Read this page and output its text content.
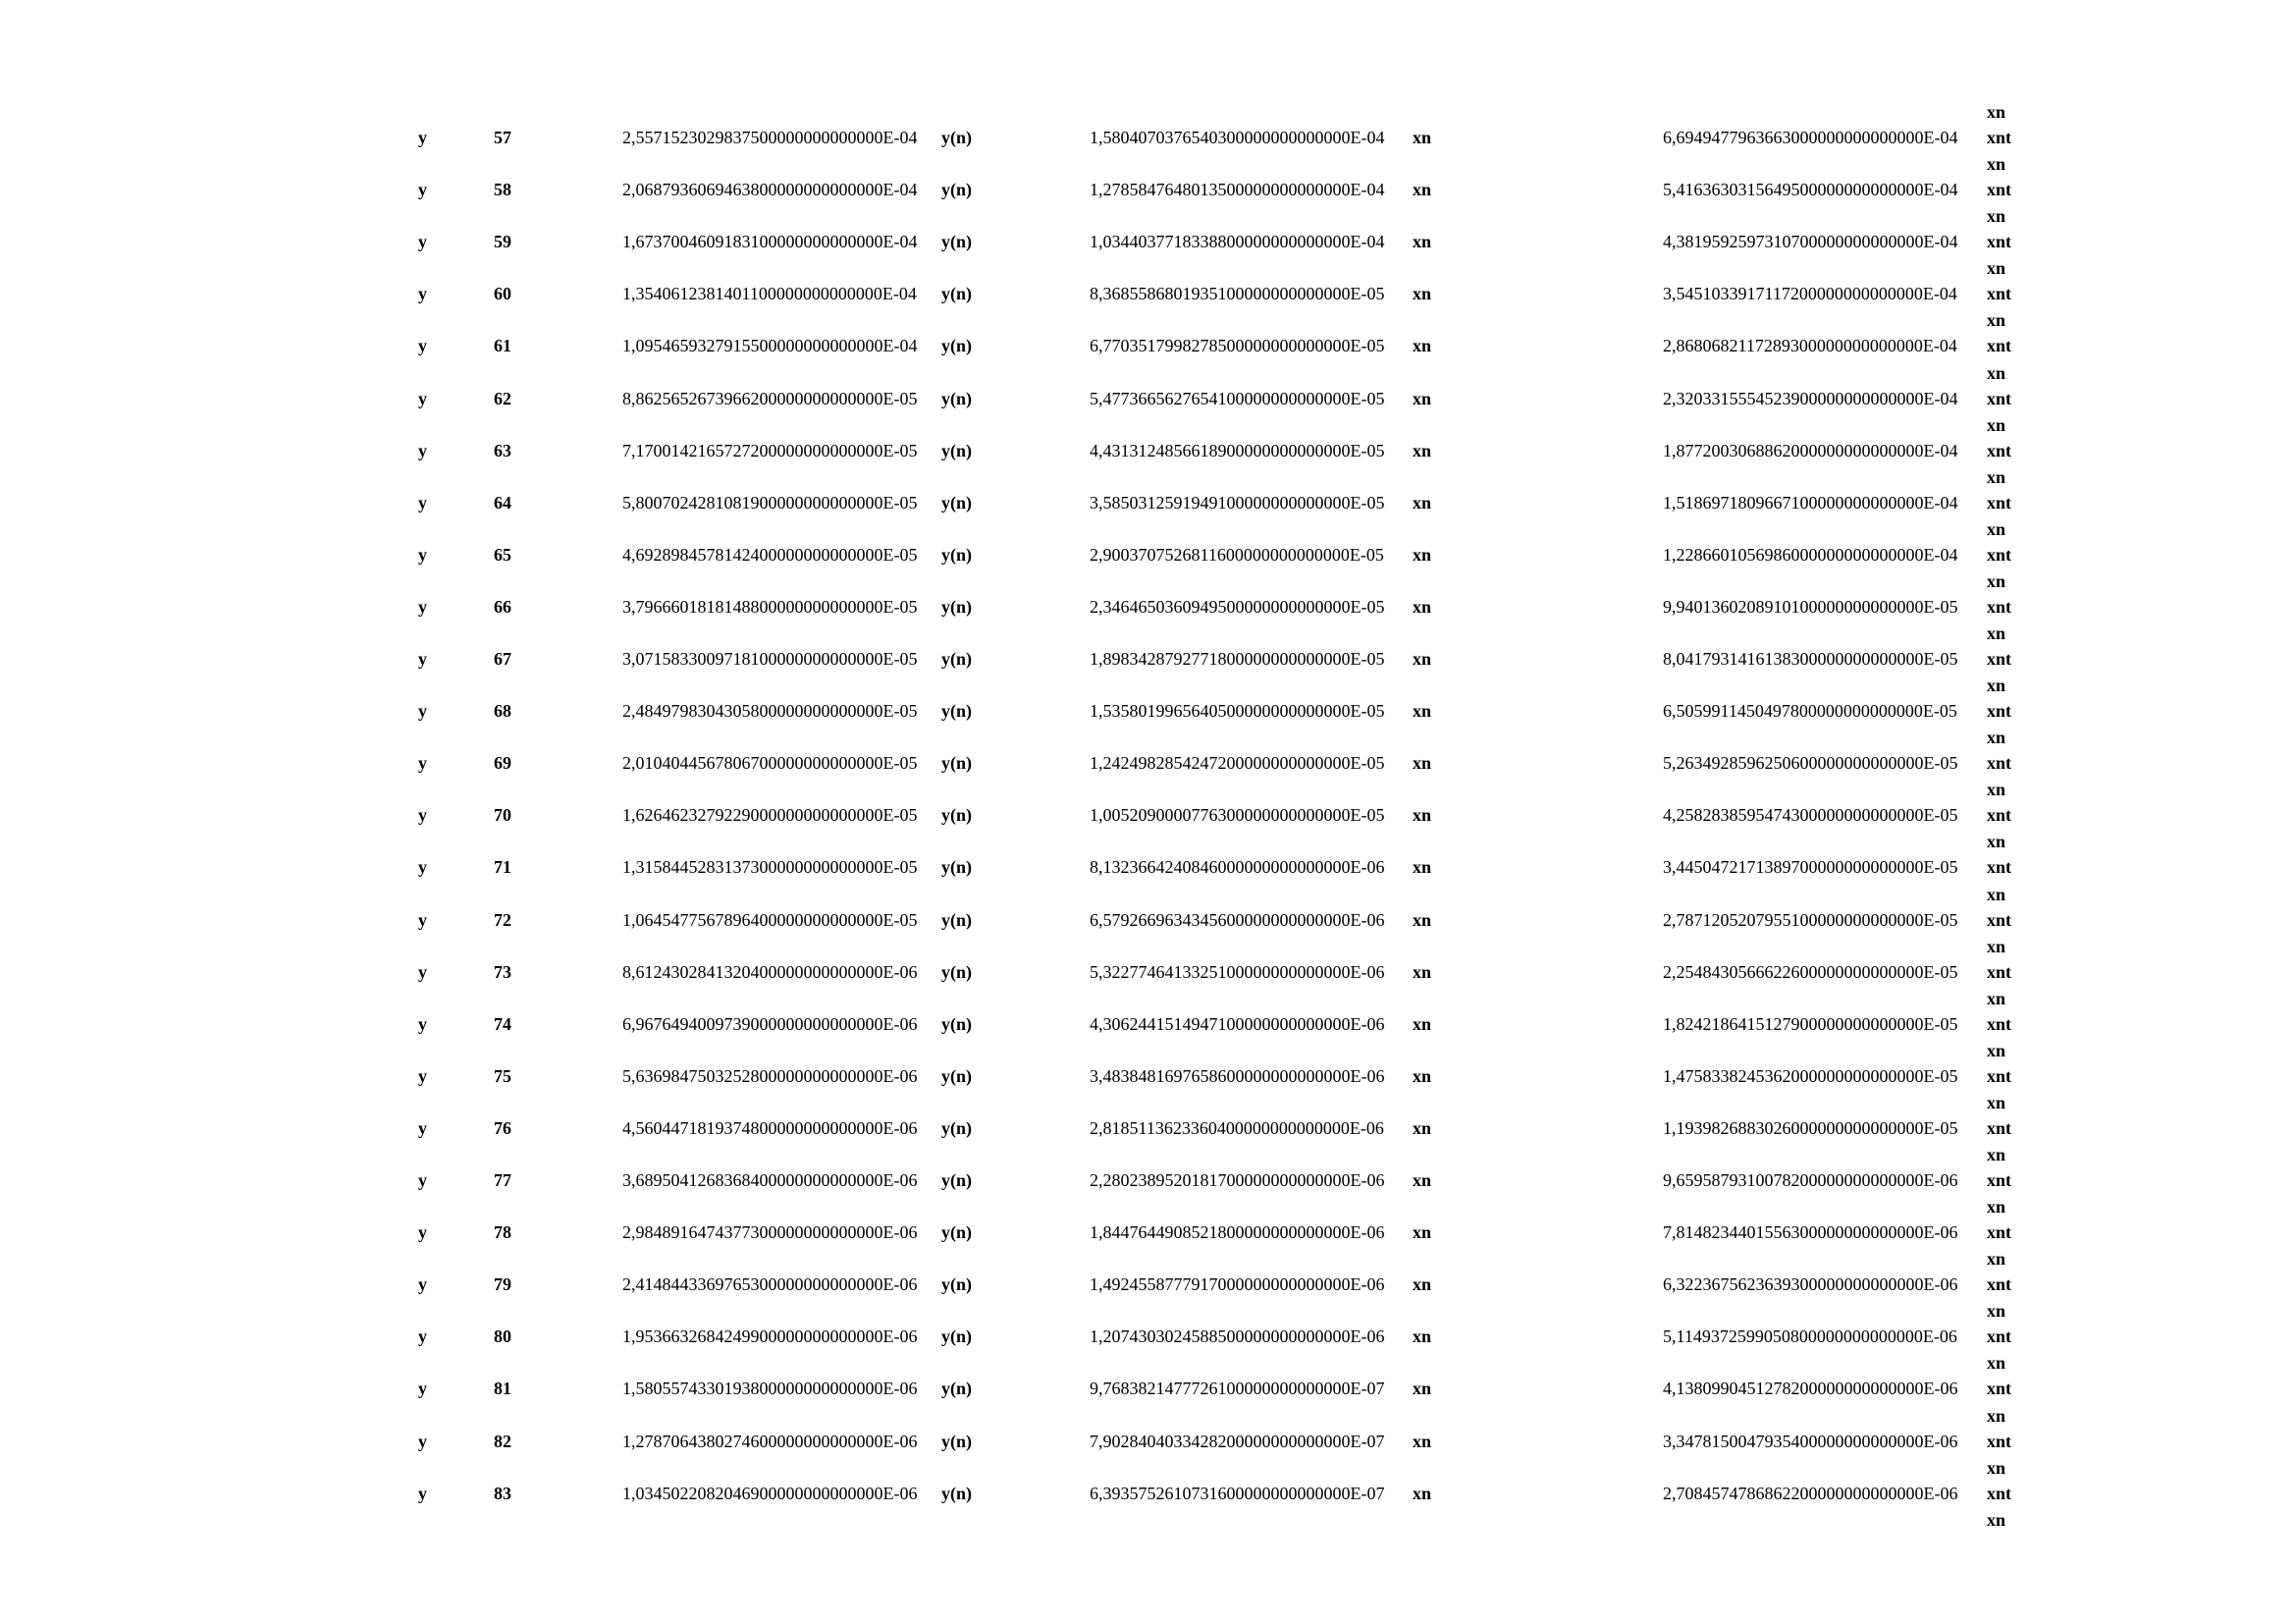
xn
y	57	2,5571523029837500000000000000E-04 y(n)	1,5804070376540300000000000000E-04 xn	6,6949477963663000000000000000E-04 xnt
xn
y	58	2,0687936069463800000000000000E-04 y(n)	1,2785847648013500000000000000E-04 xn	5,4163630315649500000000000000E-04 xnt
xn
y	59	1,6737004609183100000000000000E-04 y(n)	1,0344037718338800000000000000E-04 xn	4,3819592597310700000000000000E-04 xnt
xn
y	60	1,3540612381401100000000000000E-04 y(n)	8,3685586801935100000000000000E-05 xn	3,5451033917117200000000000000E-04 xnt
xn
y	61	1,0954659327915500000000000000E-04 y(n)	6,7703517998278500000000000000E-05 xn	2,8680682117289300000000000000E-04 xnt
xn
y	62	8,8625652673966200000000000000E-05 y(n)	5,4773665627654100000000000000E-05 xn	2,3203315554523900000000000000E-04 xnt
xn
y	63	7,1700142165727200000000000000E-05 y(n)	4,4313124856618900000000000000E-05 xn	1,8772003068862000000000000000E-04 xnt
xn
y	64	5,8007024281081900000000000000E-05 y(n)	3,5850312591949100000000000000E-05 xn	1,5186971809667100000000000000E-04 xnt
xn
y	65	4,6928984578142400000000000000E-05 y(n)	2,9003707526811600000000000000E-05 xn	1,2286601056986000000000000000E-04 xnt
xn
y	66	3,7966601818148800000000000000E-05 y(n)	2,3464650360949500000000000000E-05 xn	9,9401360208910100000000000000E-05 xnt
xn
y	67	3,0715833009718100000000000000E-05 y(n)	1,8983428792771800000000000000E-05 xn	8,0417931416138300000000000000E-05 xnt
xn
y	68	2,4849798304305800000000000000E-05 y(n)	1,5358019965640500000000000000E-05 xn	6,5059911450497800000000000000E-05 xnt
xn
y	69	2,0104044567806700000000000000E-05 y(n)	1,2424982854247200000000000000E-05 xn	5,2634928596250600000000000000E-05 xnt
xn
y	70	1,6264623279229000000000000000E-05 y(n)	1,0052090000776300000000000000E-05 xn	4,2582838595474300000000000000E-05 xnt
xn
y	71	1,3158445283137300000000000000E-05 y(n)	8,1323664240846000000000000000E-06 xn	3,4450472171389700000000000000E-05 xnt
xn
y	72	1,0645477567896400000000000000E-05 y(n)	6,5792669634345600000000000000E-06 xn	2,7871205207955100000000000000E-05 xnt
xn
y	73	8,6124302841320400000000000000E-06 y(n)	5,3227746413325100000000000000E-06 xn	2,2548430566622600000000000000E-05 xnt
xn
y	74	6,9676494009739000000000000000E-06 y(n)	4,3062441514947100000000000000E-06 xn	1,8242186415127900000000000000E-05 xnt
xn
y	75	5,6369847503252800000000000000E-06 y(n)	3,4838481697658600000000000000E-06 xn	1,4758338245362000000000000000E-05 xnt
xn
y	76	4,5604471819374800000000000000E-06 y(n)	2,8185113623360400000000000000E-06 xn	1,1939826883026000000000000000E-05 xnt
xn
y	77	3,6895041268368400000000000000E-06 y(n)	2,2802389520181700000000000000E-06 xn	9,6595879310078200000000000000E-06 xnt
xn
y	78	2,9848916474377300000000000000E-06 y(n)	1,8447644908521800000000000000E-06 xn	7,8148234401556300000000000000E-06 xnt
xn
y	79	2,4148443369765300000000000000E-06 y(n)	1,4924558777917000000000000000E-06 xn	6,3223675623639300000000000000E-06 xnt
xn
y	80	1,9536632684249900000000000000E-06 y(n)	1,2074303024588500000000000000E-06 xn	5,1149372599050800000000000000E-06 xnt
xn
y	81	1,5805574330193800000000000000E-06 y(n)	9,7683821477726100000000000000E-07 xn	4,1380990451278200000000000000E-06 xnt
xn
y	82	1,2787064380274600000000000000E-06 y(n)	7,9028404033428200000000000000E-07 xn	3,3478150047935400000000000000E-06 xnt
xn
y	83	1,0345022082046900000000000000E-06 y(n)	6,3935752610731600000000000000E-07 xn	2,7084574786862200000000000000E-06 xnt
xn
